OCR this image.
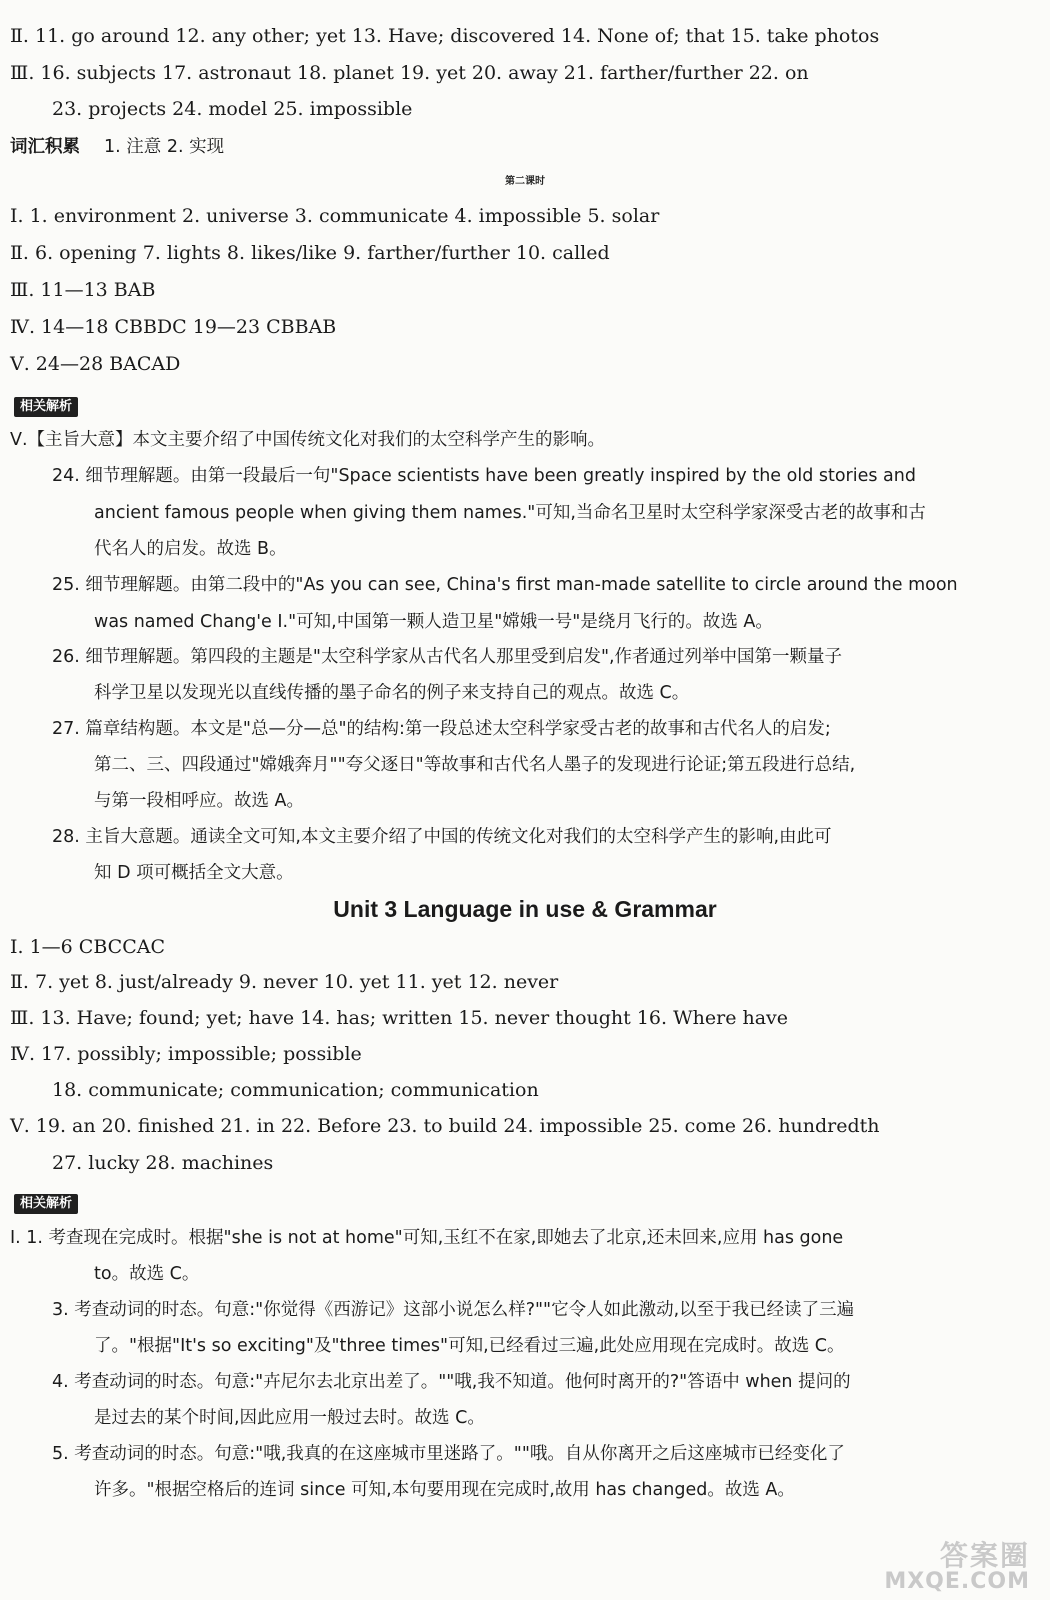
Ⅱ. 11. go around 12. any other; yet 13. Have; discovered 14. None of; that 15. take photos
Ⅲ. 16. subjects 17. astronaut 18. planet 19. yet 20. away 21. farther/further 22. on
23. projects 24. model 25. impossible
词汇积累 1. 注意 2. 实现
第二课时
Ⅰ. 1. environment 2. universe 3. communicate 4. impossible 5. solar
Ⅱ. 6. opening 7. lights 8. likes/like 9. farther/further 10. called
Ⅲ. 11—13 BAB
Ⅳ. 14—18 CBBDC 19—23 CBBAB
Ⅴ. 24—28 BACAD
相关解析
Ⅴ.【主旨大意】本文主要介绍了中国传统文化对我们的太空科学产生的影响。
24. 细节理解题。由第一段最后一句"Space scientists have been greatly inspired by the old stories and
ancient famous people when giving them names."可知,当命名卫星时太空科学家深受古老的故事和古
代名人的启发。故选 B。
25. 细节理解题。由第二段中的"As you can see, China's first man-made satellite to circle around the moon
was named Chang'e Ⅰ."可知,中国第一颗人造卫星"嫦娥一号"是绕月飞行的。故选 A。
26. 细节理解题。第四段的主题是"太空科学家从古代名人那里受到启发",作者通过列举中国第一颗量子
科学卫星以发现光以直线传播的墨子命名的例子来支持自己的观点。故选 C。
27. 篇章结构题。本文是"总—分—总"的结构:第一段总述太空科学家受古老的故事和古代名人的启发;
第二、三、四段通过"嫦娥奔月""夸父逐日"等故事和古代名人墨子的发现进行论证;第五段进行总结,
与第一段相呼应。故选 A。
28. 主旨大意题。通读全文可知,本文主要介绍了中国的传统文化对我们的太空科学产生的影响,由此可
知 D 项可概括全文大意。
Unit 3 Language in use & Grammar
Ⅰ. 1—6 CBCCAC
Ⅱ. 7. yet 8. just/already 9. never 10. yet 11. yet 12. never
Ⅲ. 13. Have; found; yet; have 14. has; written 15. never thought 16. Where have
Ⅳ. 17. possibly; impossible; possible
18. communicate; communication; communication
Ⅴ. 19. an 20. finished 21. in 22. Before 23. to build 24. impossible 25. come 26. hundredth
27. lucky 28. machines
相关解析
Ⅰ. 1. 考查现在完成时。根据"she is not at home"可知,玉红不在家,即她去了北京,还未回来,应用 has gone
to。故选 C。
3. 考查动词的时态。句意:"你觉得《西游记》这部小说怎么样?""它令人如此激动,以至于我已经读了三遍
了。"根据"It's so exciting"及"three times"可知,已经看过三遍,此处应用现在完成时。故选 C。
4. 考查动词的时态。句意:"卉尼尔去北京出差了。""哦,我不知道。他何时离开的?"答语中 when 提问的
是过去的某个时间,因此应用一般过去时。故选 C。
5. 考查动词的时态。句意:"哦,我真的在这座城市里迷路了。""哦。自从你离开之后这座城市已经变化了
许多。"根据空格后的连词 since 可知,本句要用现在完成时,故用 has changed。故选 A。
答案圈
MXQE.COM
